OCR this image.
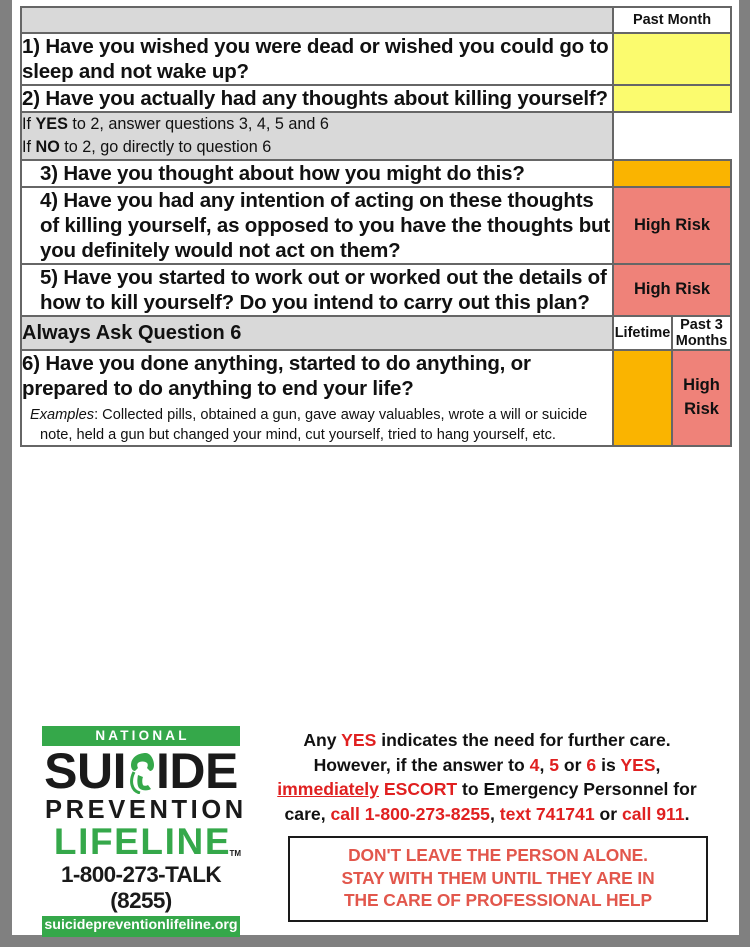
	Past Month	

1) Have you wished you were dead or wished you could go to sleep and not wake up?		

2) Have you actually had any thoughts about killing yourself?		

If YES to 2, answer questions 3, 4, 5 and 6
If NO to 2, go directly to question 6		

3) Have you thought about how you might do this?		

4) Have you had any intention of acting on these thoughts of killing yourself, as opposed to you have the thoughts but you definitely would not act on them?	High Risk	

5) Have you started to work out or worked out the details of how to kill yourself? Do you intend to carry out this plan?	High Risk	
Always Ask Question 6	Lifetime	Past 3
Months

6) Have you done anything, started to do anything, or prepared to do anything to end your life?
Examples: Collected pills, obtained a gun, gave away valuables, wrote a will or suicide note, held a gun but changed your mind, cut yourself, tried to hang yourself, etc.		High Risk
NATIONAL
SUI IDE
PREVENTION
LIFELINE
TM
1-800-273-TALK (8255)
suicidepreventionlifeline.org
Any YES indicates the need for further care.
However, if the answer to 4, 5 or 6 is YES,
immediately ESCORT to Emergency Personnel for
care, call 1-800-273-8255, text 741741 or call 911.
DON'T LEAVE THE PERSON ALONE.
STAY WITH THEM UNTIL THEY ARE IN
THE CARE OF PROFESSIONAL HELP
